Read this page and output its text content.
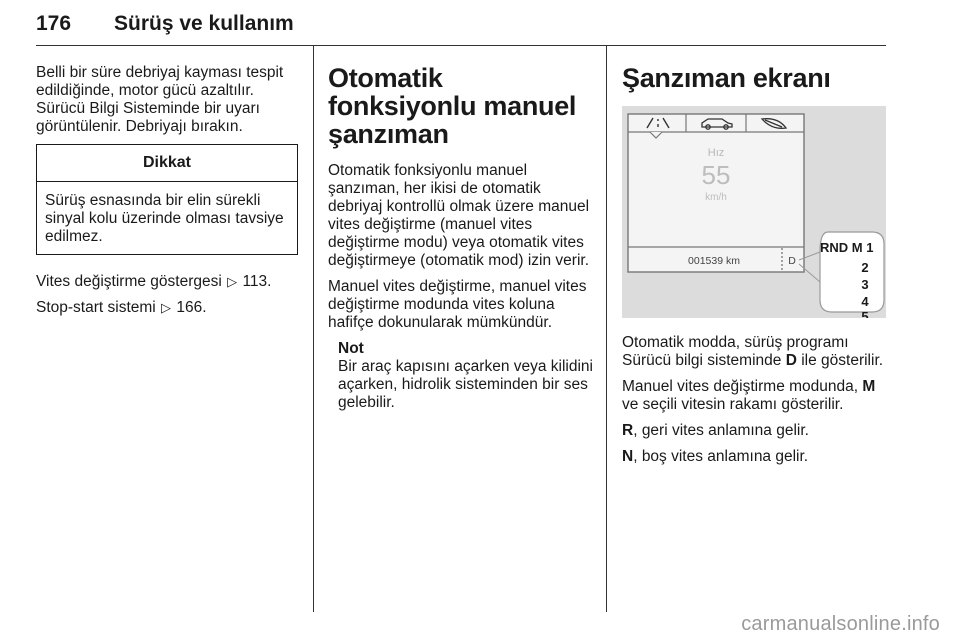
176 Sürüş ve kullanım

Belli bir süre debriyaj kayması tespit edildiğinde, motor gücü azaltılır. Sürücü Bilgi Sisteminde bir uyarı görüntülenir. Debriyajı bırakın.

Dikkat
Sürüş esnasında bir elin sürekli sinyal kolu üzerinde olması tavsiye edilmez.

Vites değiştirme göstergesi ▷ 113.

Stop-start sistemi ▷ 166.

Otomatik fonksiyonlu manuel şanzıman

Otomatik fonksiyonlu manuel şanzıman, her ikisi de otomatik debriyaj kontrollü olmak üzere manuel vites değiştirme (manuel vites değiştirme modu) veya otomatik vites değiştirmeye (otomatik mod) izin verir.

Manuel vites değiştirme, manuel vites değiştirme modunda vites koluna hafifçe dokunularak mümkündür.

Not

Bir araç kapısını açarken veya kilidini açarken, hidrolik sisteminden bir ses gelebilir.

Şanzıman ekranı
Hız
55
km/h
001539 km	D
RND M 1
2
3
4
5

Otomatik modda, sürüş programı Sürücü bilgi sisteminde D ile gösterilir.

Manuel vites değiştirme modunda, M ve seçili vitesin rakamı gösterilir.

R, geri vites anlamına gelir.

N, boş vites anlamına gelir.

carmanualsonline.info
